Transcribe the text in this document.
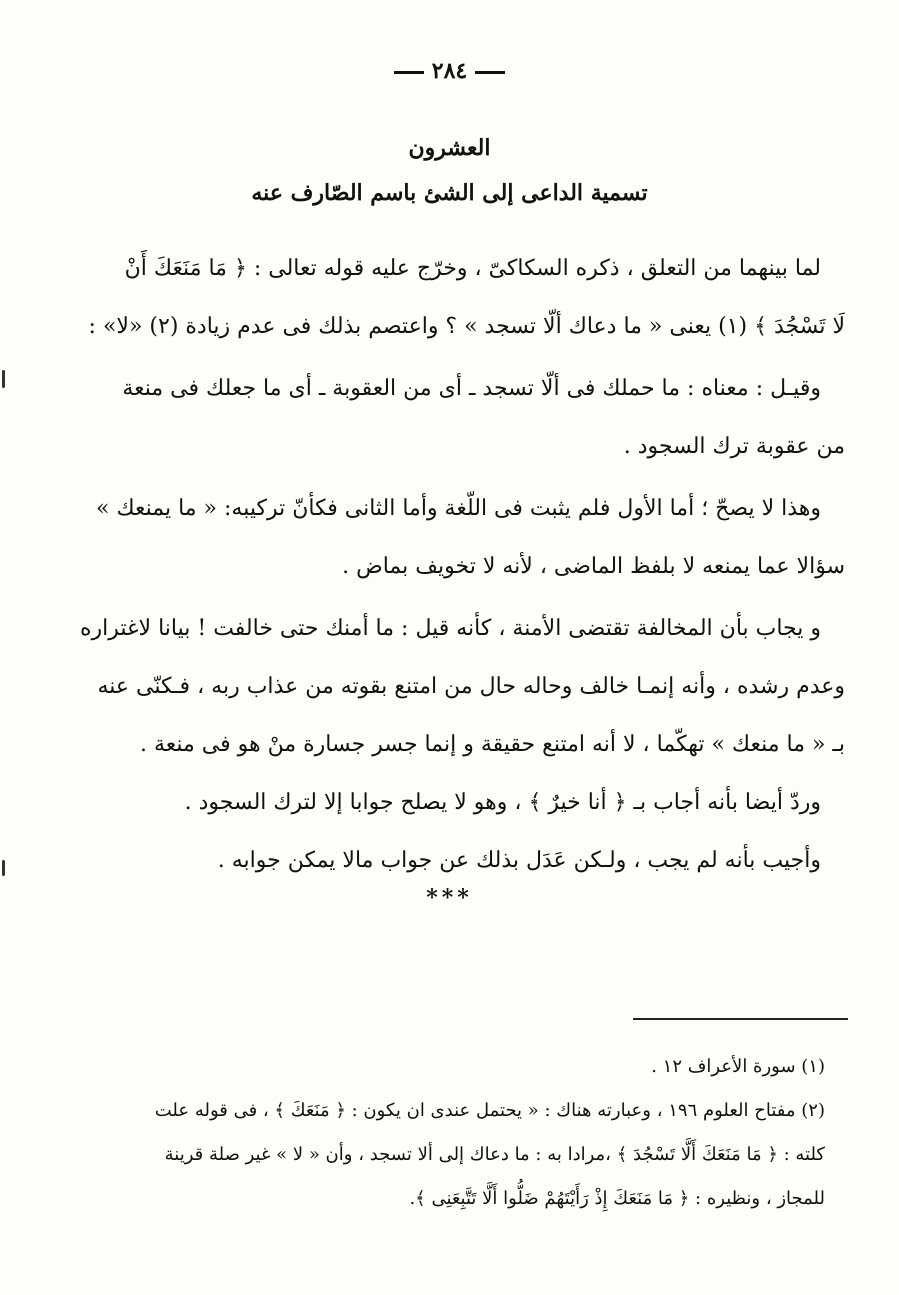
٢٨٤
العشرون
تسمية الداعى إلى الشئ باسم الصّارف عنه
لما بينهما من التعلق ، ذكره السكاكىّ ، وخرّج عليه قوله تعالى : ﴿ مَا مَنَعَكَ أَنْ
لَا تَسْجُدَ ﴾ (١) يعنى « ما دعاك ألّا تسجد » ؟ واعتصم بذلك فى عدم زيادة (٢) «لا» :
وقيـل : معناه : ما حملك فى ألّا تسجد ـ أى من العقوبة ـ أى ما جعلك فى منعة
من عقوبة ترك السجود .
وهذا لا يصحّ ؛ أما الأول فلم يثبت فى اللّغة وأما الثانى فكأنّ تركيبه: « ما يمنعك »
سؤالا عما يمنعه لا بلفظ الماضى ، لأنه لا تخويف بماض .
و يجاب بأن المخالفة تقتضى الأمنة ، كأنه قيل : ما أمنك حتى خالفت ! بيانا لاغتراره
وعدم رشده ، وأنه إنمـا خالف وحاله حال من امتنع بقوته من عذاب ربه ، فـكنّى عنه
بـ « ما منعك » تهكّما ، لا أنه امتنع حقيقة و إنما جسر جسارة منْ هو فى منعة .
وردّ أيضا بأنه أجاب بـ ﴿ أنا خيرٌ ﴾ ، وهو لا يصلح جوابا إلا لترك السجود .
وأجيب بأنه لم يجب ، ولـكن عَدَل بذلك عن جواب مالا يمكن جوابه .
***
(١) سورة الأعراف ١٢ .
(٢) مفتاح العلوم ١٩٦ ، وعبارته هناك : « يحتمل عندى ان يكون : ﴿ مَنَعَكَ ﴾ ، فى قوله علت
كلته : ﴿ مَا مَنَعَكَ أَلَّا تَسْجُدَ ﴾ ،مرادا به : ما دعاك إلى ألا تسجد ، وأن « لا » غير صلة قرينة
للمجاز ، ونظيره : ﴿ مَا مَنَعَكَ إِذْ رَأَيْتَهُمْ ضَلُّوا أَلَّا تَتَّبِعَنِى ﴾.
